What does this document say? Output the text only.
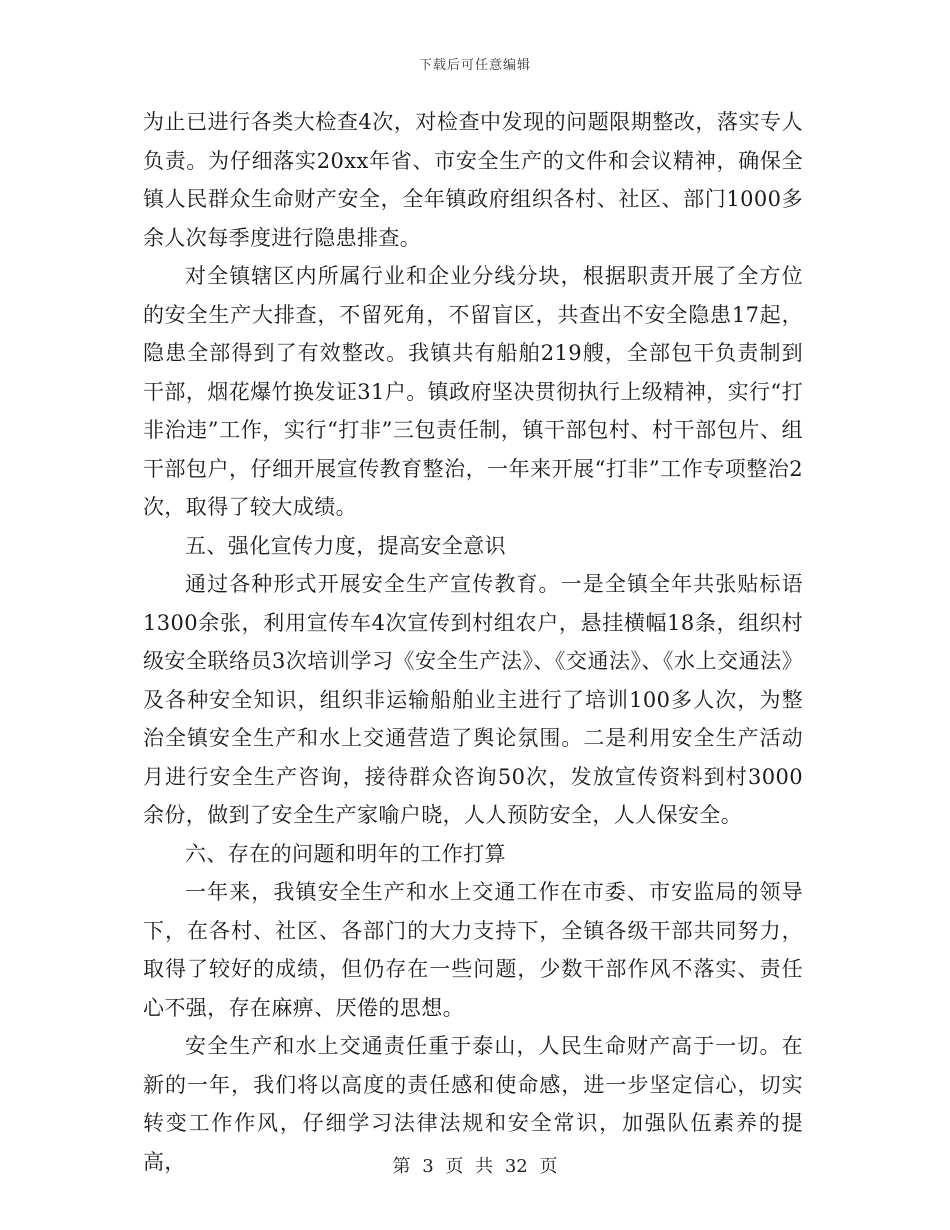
下载后可任意编辑

为止已进行各类大检查4次，对检查中发现的问题限期整改，落实专人负责。为仔细落实20xx年省、市安全生产的文件和会议精神，确保全镇人民群众生命财产安全，全年镇政府组织各村、社区、部门1000多余人次每季度进行隐患排查。

对全镇辖区内所属行业和企业分线分块，根据职责开展了全方位的安全生产大排查，不留死角，不留盲区，共查出不安全隐患17起，隐患全部得到了有效整改。我镇共有船舶219艘，全部包干负责制到干部，烟花爆竹换发证31户。镇政府坚决贯彻执行上级精神，实行“打非治违”工作，实行“打非”三包责任制，镇干部包村、村干部包片、组干部包户，仔细开展宣传教育整治，一年来开展“打非”工作专项整治2次，取得了较大成绩。

五、强化宣传力度，提高安全意识

通过各种形式开展安全生产宣传教育。一是全镇全年共张贴标语1300余张，利用宣传车4次宣传到村组农户，悬挂横幅18条，组织村级安全联络员3次培训学习《安全生产法》、《交通法》、《水上交通法》及各种安全知识，组织非运输船舶业主进行了培训100多人次，为整治全镇安全生产和水上交通营造了舆论氛围。二是利用安全生产活动月进行安全生产咨询，接待群众咨询50次，发放宣传资料到村3000余份，做到了安全生产家喻户晓，人人预防安全，人人保安全。

六、存在的问题和明年的工作打算

一年来，我镇安全生产和水上交通工作在市委、市安监局的领导下，在各村、社区、各部门的大力支持下，全镇各级干部共同努力，取得了较好的成绩，但仍存在一些问题，少数干部作风不落实、责任心不强，存在麻痹、厌倦的思想。

安全生产和水上交通责任重于泰山，人民生命财产高于一切。在新的一年，我们将以高度的责任感和使命感，进一步坚定信心，切实转变工作作风，仔细学习法律法规和安全常识，加强队伍素养的提高，	第 3 页 共 32 页
